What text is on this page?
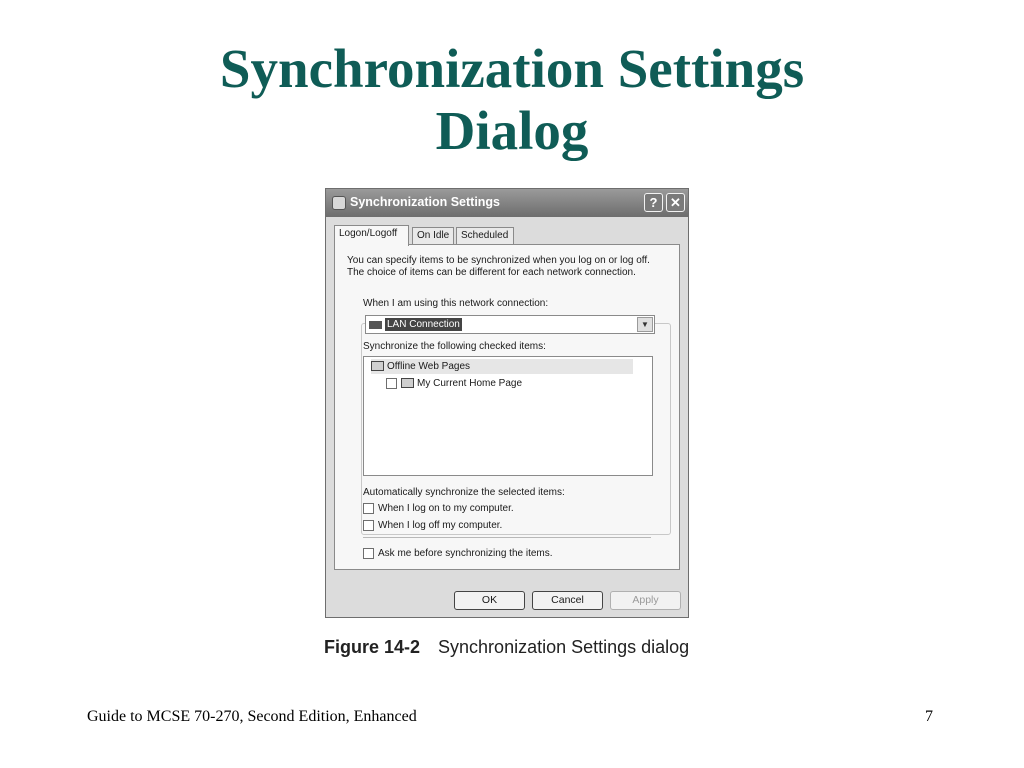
Synchronization Settings
Dialog
Synchronization Settings	? ✕
Logon/Logoff	On Idle	Scheduled
You can specify items to be synchronized when you log on or log off.
The choice of items can be different for each network connection.
When I am using this network connection:
LAN Connection	▼
Synchronize the following checked items:
Offline Web Pages
My Current Home Page
Automatically synchronize the selected items:
When I log on to my computer.
When I log off my computer.
Ask me before synchronizing the items.
OK	Cancel	Apply
Figure 14-2 Synchronization Settings dialog
Guide to MCSE 70-270, Second Edition, Enhanced	7
